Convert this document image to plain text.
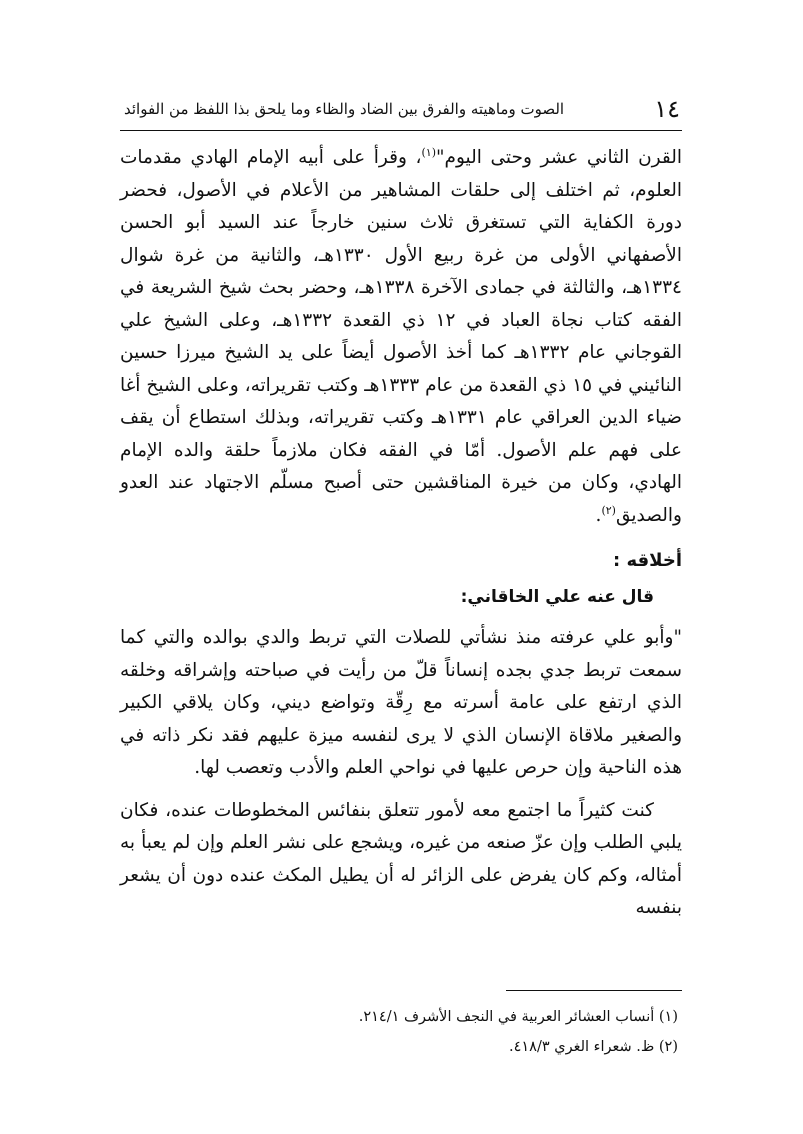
١٤
الصوت وماهيته والفرق بين الضاد والظاء وما يلحق بذا اللفظ من الفوائد

القرن الثاني عشر وحتى اليوم"$^{(١)}$، وقرأ على أبيه الإمام الهادي مقدمات العلوم، ثم اختلف إلى حلقات المشاهير من الأعلام في الأصول، فحضر دورة الكفاية التي تستغرق ثلاث سنين خارجاً عند السيد أبو الحسن الأصفهاني الأولى من غرة ربيع الأول ١٣٣٠هـ، والثانية من غرة شوال ١٣٣٤هـ، والثالثة في جمادى الآخرة ١٣٣٨هـ، وحضر بحث شيخ الشريعة في الفقه كتاب نجاة العباد في ١٢ ذي القعدة ١٣٣٢هـ، وعلى الشيخ علي القوجاني عام ١٣٣٢هـ كما أخذ الأصول أيضاً على يد الشيخ ميرزا حسين النائيني في ١٥ ذي القعدة من عام ١٣٣٣هـ وكتب تقريراته، وعلى الشيخ أغا ضياء الدين العراقي عام ١٣٣١هـ وكتب تقريراته، وبذلك استطاع أن يقف على فهم علم الأصول. أمّا في الفقه فكان ملازماً حلقة والده الإمام الهادي، وكان من خيرة المناقشين حتى أصبح مسلّم الاجتهاد عند العدو والصديق$^{(٢)}$.

أخلاقه :
قال عنه علي الخاقاني:

"وأبو علي عرفته منذ نشأتي للصلات التي تربط والدي بوالده والتي كما سمعت تربط جدي بجده إنساناً قلّ من رأيت في صباحته وإشراقه وخلقه الذي ارتفع على عامة أسرته مع رِقّة وتواضع ديني، وكان يلاقي الكبير والصغير ملاقاة الإنسان الذي لا يرى لنفسه ميزة عليهم فقد نكر ذاته في هذه الناحية وإن حرص عليها في نواحي العلم والأدب وتعصب لها.

كنت كثيراً ما اجتمع معه لأمور تتعلق بنفائس المخطوطات عنده، فكان يلبي الطلب وإن عزّ صنعه من غيره، ويشجع على نشر العلم وإن لم يعبأ به أمثاله، وكم كان يفرض على الزائر له أن يطيل المكث عنده دون أن يشعر بنفسه

(١) أنساب العشائر العربية في النجف الأشرف ٢١٤/١.

(٢) ظ. شعراء الغري ٤١٨/٣.
